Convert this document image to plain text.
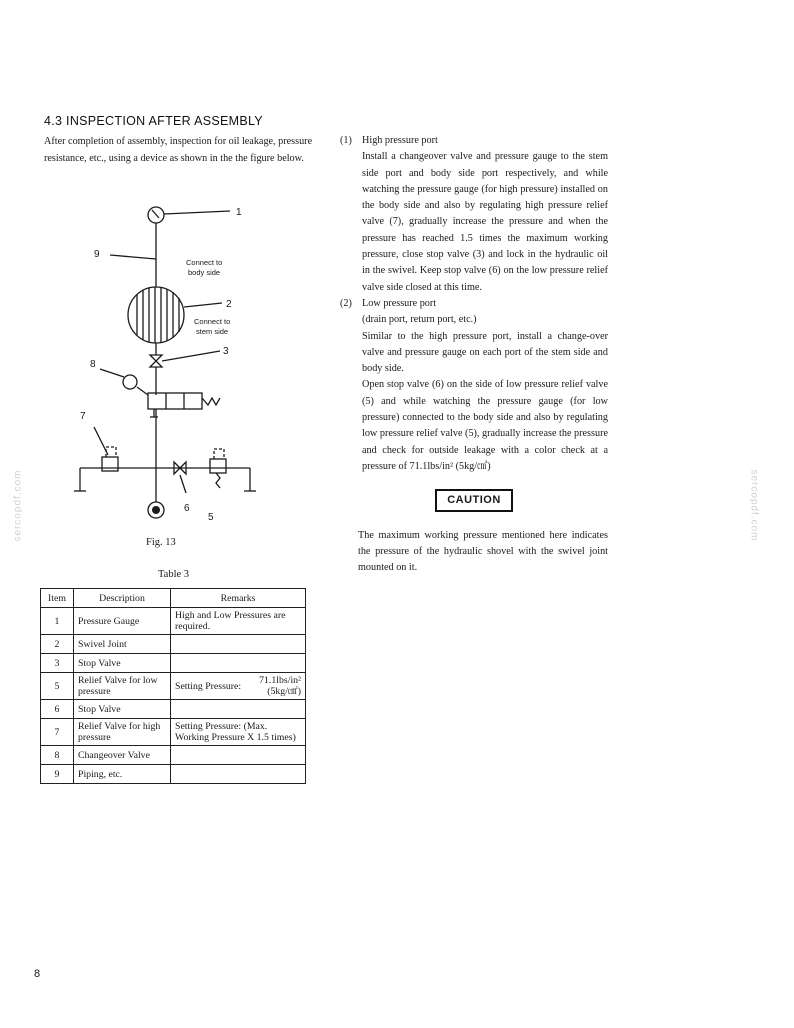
4.3 INSPECTION AFTER ASSEMBLY
After completion of assembly, inspection for oil leakage, pressure resistance, etc., using a device as shown in the the figure below.
1
9
2
3
8
7
6
5
Connect to
body side
Connect to
stem side
Fig. 13
Table 3
Item	Description	Remarks
1	Pressure Gauge	High and Low Pressures are required.
2	Swivel Joint	
3	Stop Valve	
5	Relief Valve for low pressure	Setting Pressure: 71.1lbs/in²
(5kg/㎠)

6	Stop Valve	
7	Relief Valve for high pressure	Setting Pressure: (Max. Working Pressure X 1.5 times)
8	Changeover Valve	
9	Piping, etc.	
(1) High pressure port
Install a changeover valve and pressure gauge to the stem side port and body side port respectively, and while watching the pressure gauge (for high pressure) installed on the body side and also by regulating high pressure relief valve (7), gradually increase the pressure and when the pressure has reached 1.5 times the maximum working pressure, close stop valve (3) and lock in the hydraulic oil in the swivel. Keep stop valve (6) on the low pressure relief valve side closed at this time.
(2) Low pressure port
(drain port, return port, etc.)
Similar to the high pressure port, install a change-over valve and pressure gauge on each port of the stem side and body side.
Open stop valve (6) on the side of low pressure relief valve (5) and while watching the pressure gauge (for low pressure) connected to the body side and also by regulating low pressure relief valve (5), gradually increase the pressure and check for outside leakage with a color check at a pressure of 71.1lbs/in² (5kg/㎠)
CAUTION
The maximum working pressure mentioned here indicates the pressure of the hydraulic shovel with the swivel joint mounted on it.
8
sercopdf.com	sercopdf.com
